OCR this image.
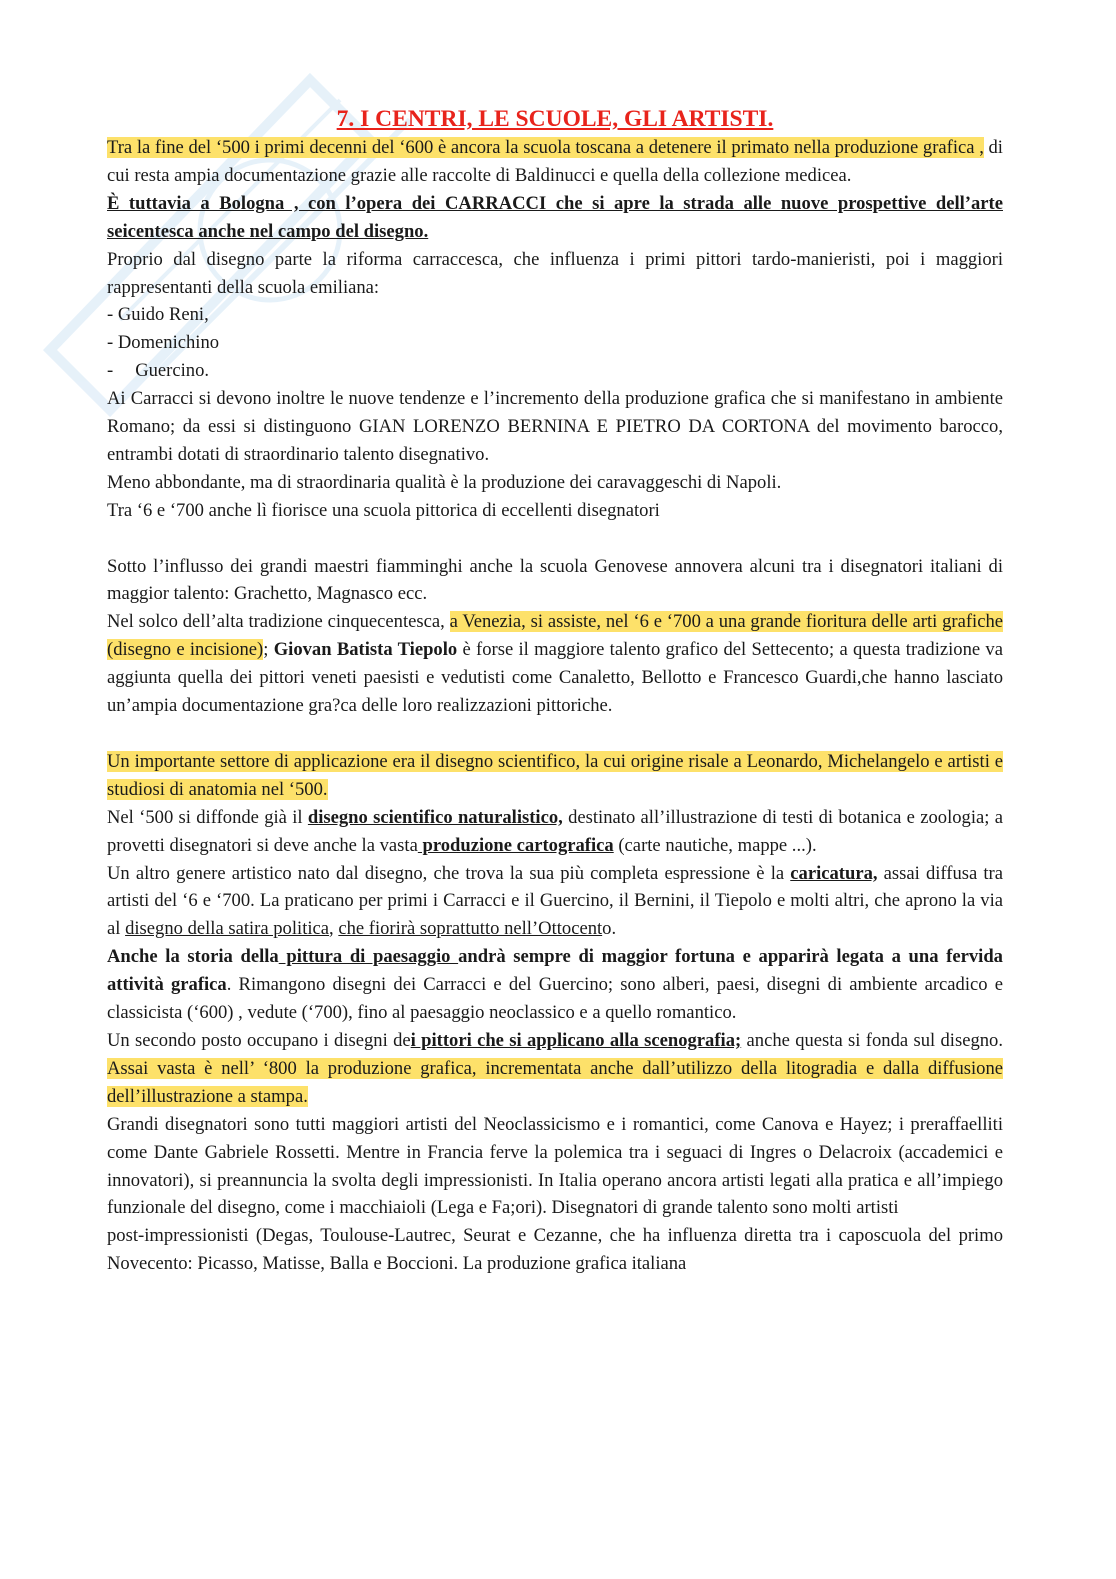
7. I CENTRI, LE SCUOLE, GLI ARTISTI.

Tra la fine del ‘500 i primi decenni del ‘600 è ancora la scuola toscana a detenere il primato nella produzione grafica , di cui resta ampia documentazione grazie alle raccolte di Baldinucci e quella della collezione medicea.

È tuttavia a Bologna , con l’opera dei CARRACCI che si apre la strada alle nuove prospettive dell’arte seicentesca anche nel campo del disegno.

Proprio dal disegno parte la riforma carraccesca, che influenza i primi pittori tardo-manieristi, poi i maggiori rappresentanti della scuola emiliana:

- Guido Reni,

- Domenichino

- Guercino.

Ai Carracci si devono inoltre le nuove tendenze e l’incremento della produzione grafica che si manifestano in ambiente Romano; da essi si distinguono GIAN LORENZO BERNINA E PIETRO DA CORTONA del movimento barocco, entrambi dotati di straordinario talento disegnativo.

Meno abbondante, ma di straordinaria qualità è la produzione dei caravaggeschi di Napoli.

Tra ‘6 e ‘700 anche lì fiorisce una scuola pittorica di eccellenti disegnatori

Sotto l’influsso dei grandi maestri fiamminghi anche la scuola Genovese annovera alcuni tra i disegnatori italiani di maggior talento: Grachetto, Magnasco ecc.

Nel solco dell’alta tradizione cinquecentesca, a Venezia, si assiste, nel ‘6 e ‘700 a una grande fioritura delle arti grafiche (disegno e incisione); Giovan Batista Tiepolo è forse il maggiore talento grafico del Settecento; a questa tradizione va aggiunta quella dei pittori veneti paesisti e vedutisti come Canaletto, Bellotto e Francesco Guardi,che hanno lasciato un’ampia documentazione gra?ca delle loro realizzazioni pittoriche.

Un importante settore di applicazione era il disegno scientifico, la cui origine risale a Leonardo, Michelangelo e artisti e studiosi di anatomia nel ‘500.

Nel ‘500 si diffonde già il disegno scientifico naturalistico, destinato all’illustrazione di testi di botanica e zoologia; a provetti disegnatori si deve anche la vasta produzione cartografica (carte nautiche, mappe ...).

Un altro genere artistico nato dal disegno, che trova la sua più completa espressione è la caricatura, assai diffusa tra artisti del ‘6 e ‘700. La praticano per primi i Carracci e il Guercino, il Bernini, il Tiepolo e molti altri, che aprono la via al disegno della satira politica, che fiorirà soprattutto nell’Ottocento.

Anche la storia della pittura di paesaggio andrà sempre di maggior fortuna e apparirà legata a una fervida attività grafica. Rimangono disegni dei Carracci e del Guercino; sono alberi, paesi, disegni di ambiente arcadico e classicista (‘600) , vedute (‘700), fino al paesaggio neoclassico e a quello romantico.

Un secondo posto occupano i disegni dei pittori che si applicano alla scenografia; anche questa si fonda sul disegno. Assai vasta è nell’ ‘800 la produzione grafica, incrementata anche dall’utilizzo della litogradia e dalla diffusione dell’illustrazione a stampa.

Grandi disegnatori sono tutti maggiori artisti del Neoclassicismo e i romantici, come Canova e Hayez; i preraffaelliti come Dante Gabriele Rossetti. Mentre in Francia ferve la polemica tra i seguaci di Ingres o Delacroix (accademici e innovatori), si preannuncia la svolta degli impressionisti. In Italia operano ancora artisti legati alla pratica e all’impiego funzionale del disegno, come i macchiaioli (Lega e Fa;ori). Disegnatori di grande talento sono molti artisti

post-impressionisti (Degas, Toulouse-Lautrec, Seurat e Cezanne, che ha influenza diretta tra i caposcuola del primo Novecento: Picasso, Matisse, Balla e Boccioni. La produzione grafica italiana
